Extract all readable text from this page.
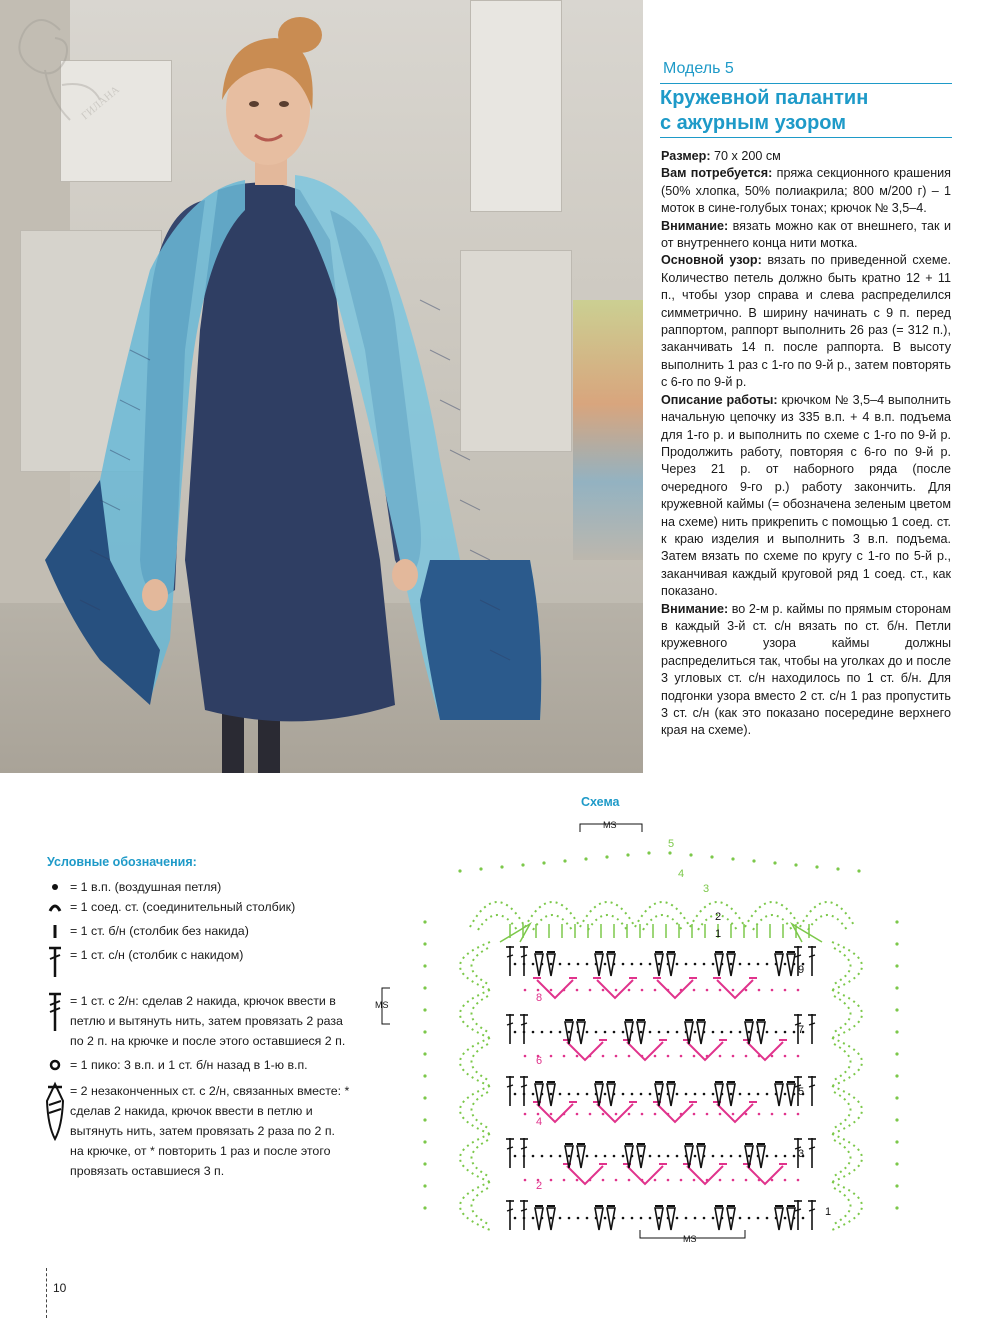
ГИЛАНА
Модель 5
Кружевной палантин
с ажурным узором

Размер: 70 x 200 см

Вам потребуется: пряжа секционного крашения (50% хлопка, 50% полиакрила; 800 м/200 г) – 1 моток в сине-голубых тонах; крючок № 3,5–4.

Внимание: вязать можно как от внешнего, так и от внутреннего конца нити мотка.

Основной узор: вязать по приведенной схеме. Количество петель должно быть кратно 12 + 11 п., чтобы узор справа и слева распределился симметрично. В ширину начинать с 9 п. перед раппортом, раппорт выполнить 26 раз (= 312 п.), заканчивать 14 п. после раппорта. В высоту выполнить 1 раз с 1-го по 9-й р., затем повторять с 6-го по 9-й р.

Описание работы: крючком № 3,5–4 выполнить начальную цепочку из 335 в.п. + 4 в.п. подъема для 1-го р. и выполнить по схеме с 1-го по 9-й р. Продолжить работу, повторяя с 6-го по 9-й р. Через 21 р. от наборного ряда (после очередного 9-го р.) работу закончить. Для кружевной каймы (= обозначена зеленым цветом на схеме) нить прикрепить с помощью 1 соед. ст. к краю изделия и выполнить 3 в.п. подъема. Затем вязать по схеме по кругу с 1-го по 5-й р., заканчивая каждый круговой ряд 1 соед. ст., как показано.

Внимание: во 2-м р. каймы по прямым сторонам в каждый 3-й ст. с/н вязать по ст. б/н. Петли кружевного узора каймы должны распределиться так, чтобы на уголках до и после 3 угловых ст. с/н находилось по 1 ст. б/н. Для подгонки узора вместо 2 ст. с/н 1 раз пропустить 3 ст. с/н (как это показано посередине верхнего края на схеме).

Условные обозначения:
= 1 в.п. (воздушная петля)
= 1 соед. ст. (соединительный столбик)
= 1 ст. б/н (столбик без накида)
= 1 ст. с/н (столбик с накидом)
= 1 ст. с 2/н: сделав 2 накида, крючок ввести в петлю и вытянуть нить, затем провязать 2 раза по 2 п. на крючке и после этого оставшиеся 2 п.
= 1 пико: 3 в.п. и 1 ст. б/н назад в 1-ю в.п.
= 2 незаконченных ст. с 2/н, связанных вместе: * сделав 2 накида, крючок ввести в петлю и вытянуть нить, затем провязать 2 раза по 2 п. на крючке, от * повторить 1 раз и после этого провязать оставшиеся 3 п.
Схема
MS
MS
MS
9
7
5
3
1
8
6
4
2
5
4
3
2
1
10
